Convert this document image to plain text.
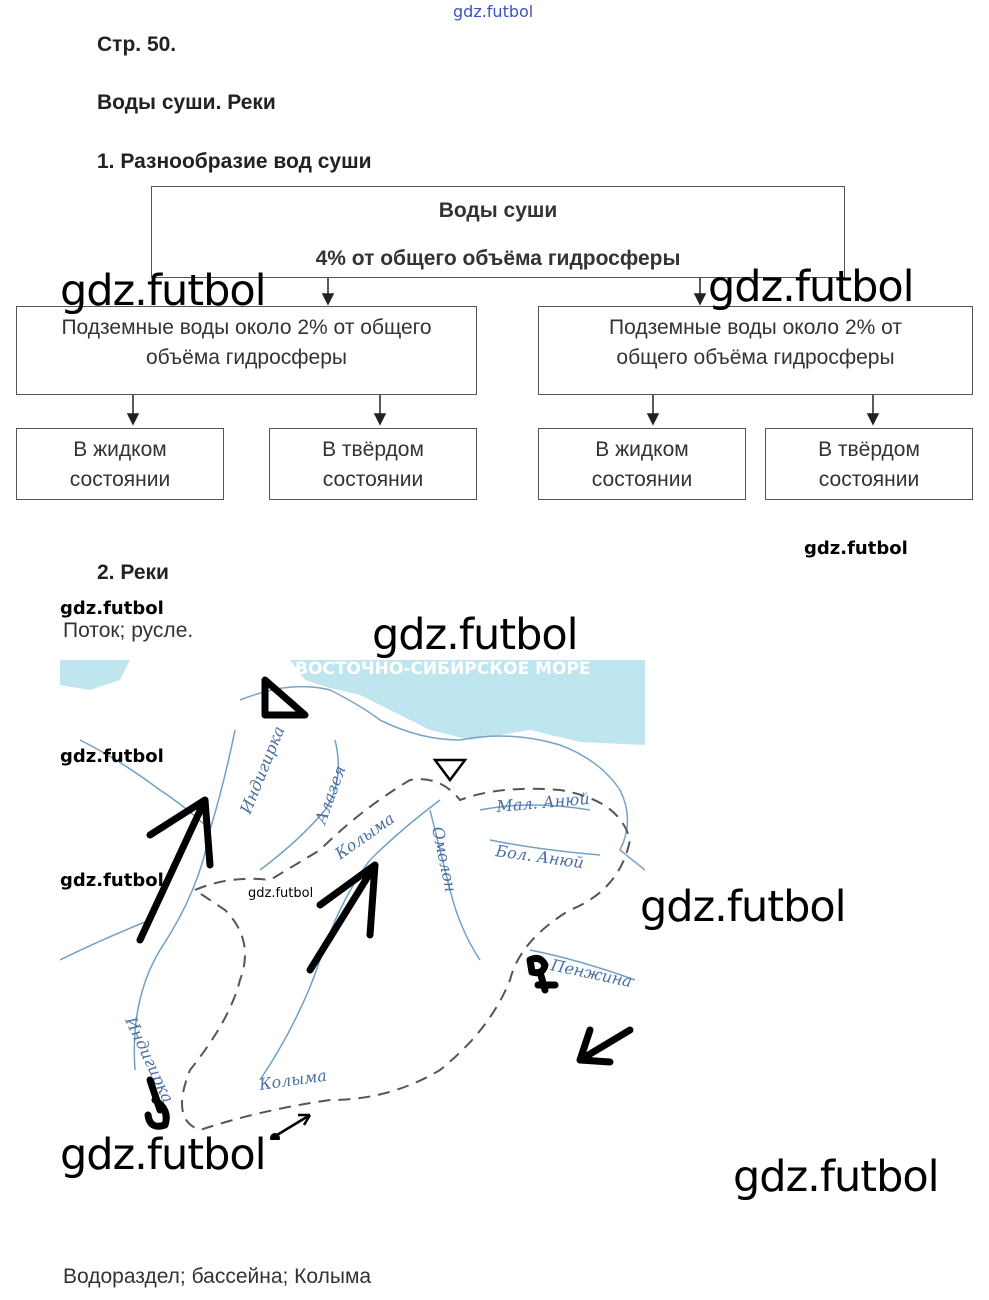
gdz.futbol
Стр. 50.
Воды суши. Реки
1. Разнообразие вод суши
Воды суши
4% от общего объёма гидросферы
Подземные воды около 2% от общего
объёма гидросферы
Подземные воды около 2% от
общего объёма гидросферы
В жидком
состоянии
В твёрдом
состоянии
В жидком
состоянии
В твёрдом
состоянии
gdz.futbol	gdz.futbol
gdz.futbol
2. Реки
gdz.futbol
Поток; русле.	gdz.futbol
ВОСТОЧНО-СИБИРСКОЕ МОРЕ
Индигирка Алазея
Колыма Омолон
Мал. Анюй
Бол. Анюй
Пенжина
Индигирка	Колыма
gdz.futbol
gdz.futbol
gdz.futbol	gdz.futbol
gdz.futbol	gdz.futbol
Водораздел; бассейна; Колыма
